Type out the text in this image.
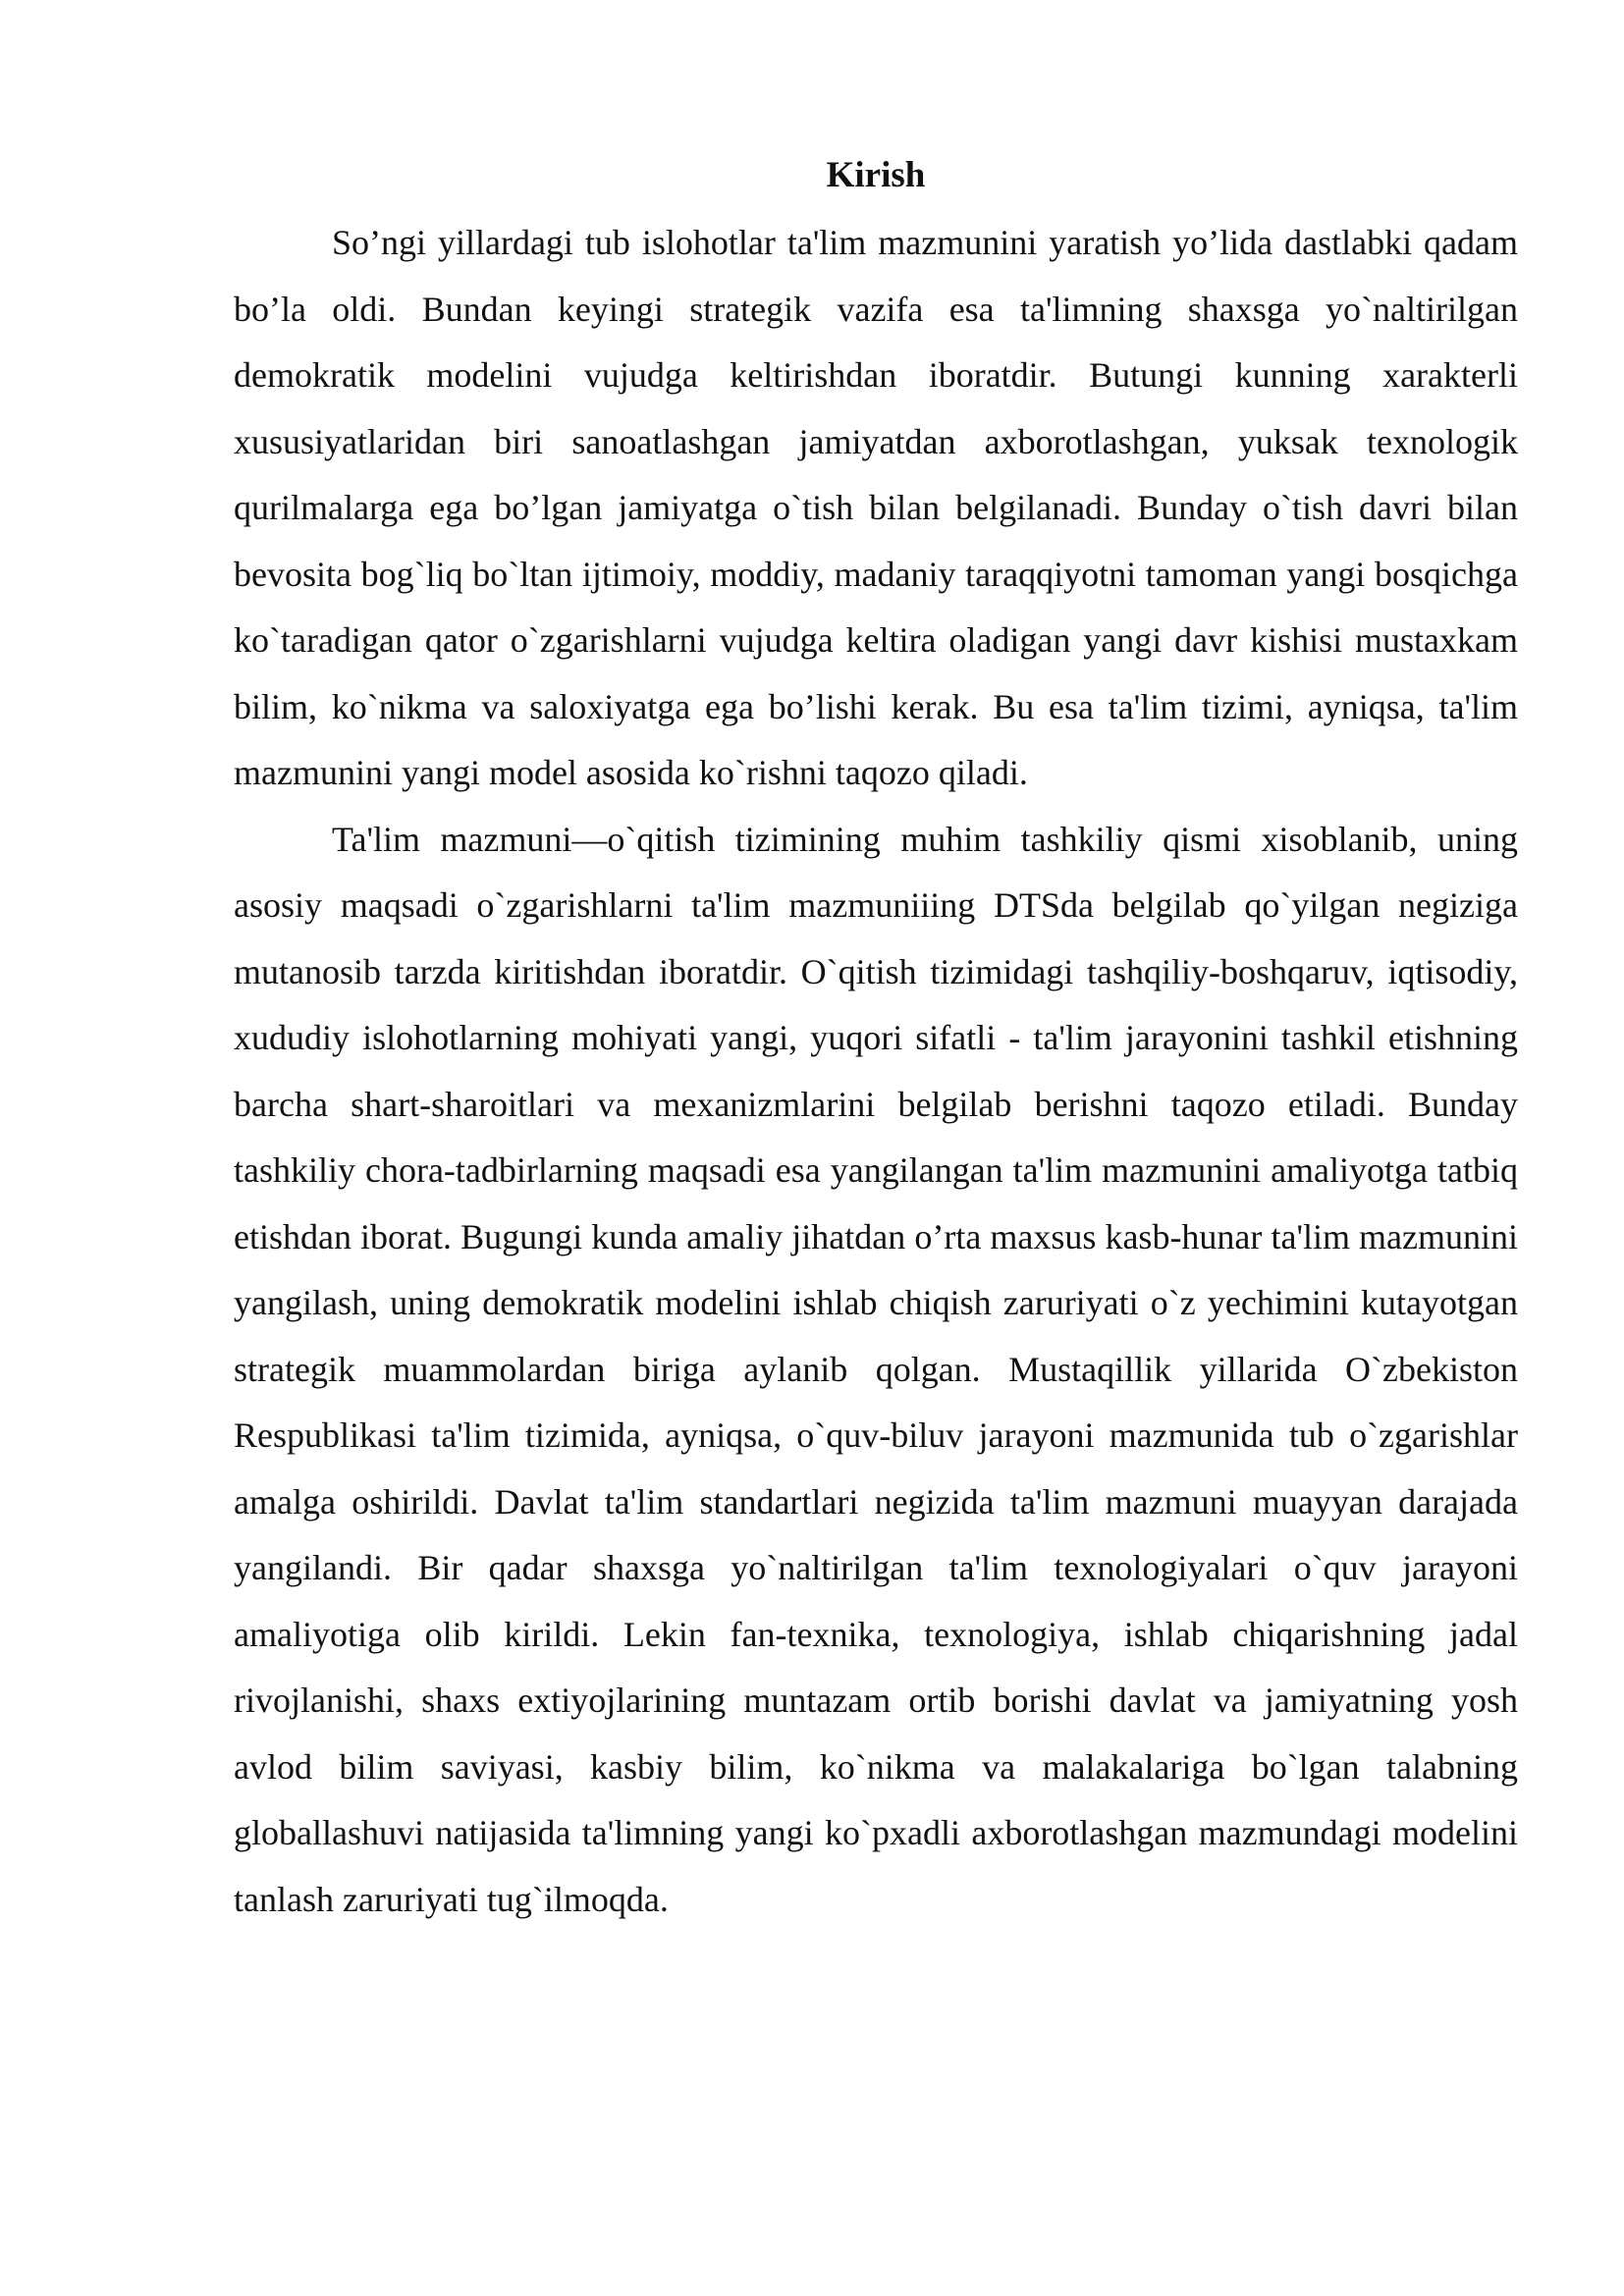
Kirish

So’ngi yillardagi tub islohotlar ta'lim mazmunini yaratish yo’lida dastlabki qadam bo’la oldi. Bundan keyingi strategik vazifa esa ta'limning shaxsga yo`naltirilgan demokratik modelini vujudga keltirishdan iboratdir. Butungi kunning xarakterli xususiyatlaridan biri sanoatlashgan jamiyatdan axborotlashgan, yuksak texnologik qurilmalarga ega bo’lgan jamiyatga o`tish bilan belgilanadi. Bunday o`tish davri bilan bevosita bog`liq bo`ltan ijtimoiy, moddiy, madaniy taraqqiyotni tamoman yangi bosqichga ko`taradigan qator o`zgarishlarni vujudga keltira oladigan yangi davr kishisi mustaxkam bilim, ko`nikma va saloxiyatga ega bo’lishi kerak. Bu esa ta'lim tizimi, ayniqsa, ta'lim mazmunini yangi model asosida ko`rishni taqozo qiladi.

Ta'lim mazmuni—o`qitish tizimining muhim tashkiliy qismi xisoblanib, uning asosiy maqsadi o`zgarishlarni ta'lim mazmuniiing DTSda belgilab qo`yilgan negiziga mutanosib tarzda kiritishdan iboratdir. O`qitish tizimidagi tashqiliy-boshqaruv, iqtisodiy, xududiy islohotlarning mohiyati yangi, yuqori sifatli - ta'lim jarayonini tashkil etishning barcha shart-sharoitlari va mexanizmlarini belgilab berishni taqozo etiladi. Bunday tashkiliy chora-tadbirlarning maqsadi esa yangilangan ta'lim mazmunini amaliyotga tatbiq etishdan iborat. Bugungi kunda amaliy jihatdan o’rta maxsus kasb-hunar ta'lim mazmunini yangilash, uning demokratik modelini ishlab chiqish zaruriyati o`z yechimini kutayotgan strategik muammolardan biriga aylanib qolgan. Mustaqillik yillarida O`zbekiston Respublikasi ta'lim tizimida, ayniqsa, o`quv-biluv jarayoni mazmunida tub o`zgarishlar amalga oshirildi. Davlat ta'lim standartlari negizida ta'lim mazmuni muayyan darajada yangilandi. Bir qadar shaxsga yo`naltirilgan ta'lim texnologiyalari o`quv jarayoni amaliyotiga olib kirildi. Lekin fan-texnika, texnologiya, ishlab chiqarishning jadal rivojlanishi, shaxs extiyojlarining muntazam ortib borishi davlat va jamiyatning yosh avlod bilim saviyasi, kasbiy bilim, ko`nikma va malakalariga bo`lgan talabning globallashuvi natijasida ta'limning yangi ko`pxadli axborotlashgan mazmundagi modelini tanlash zaruriyati tug`ilmoqda.
